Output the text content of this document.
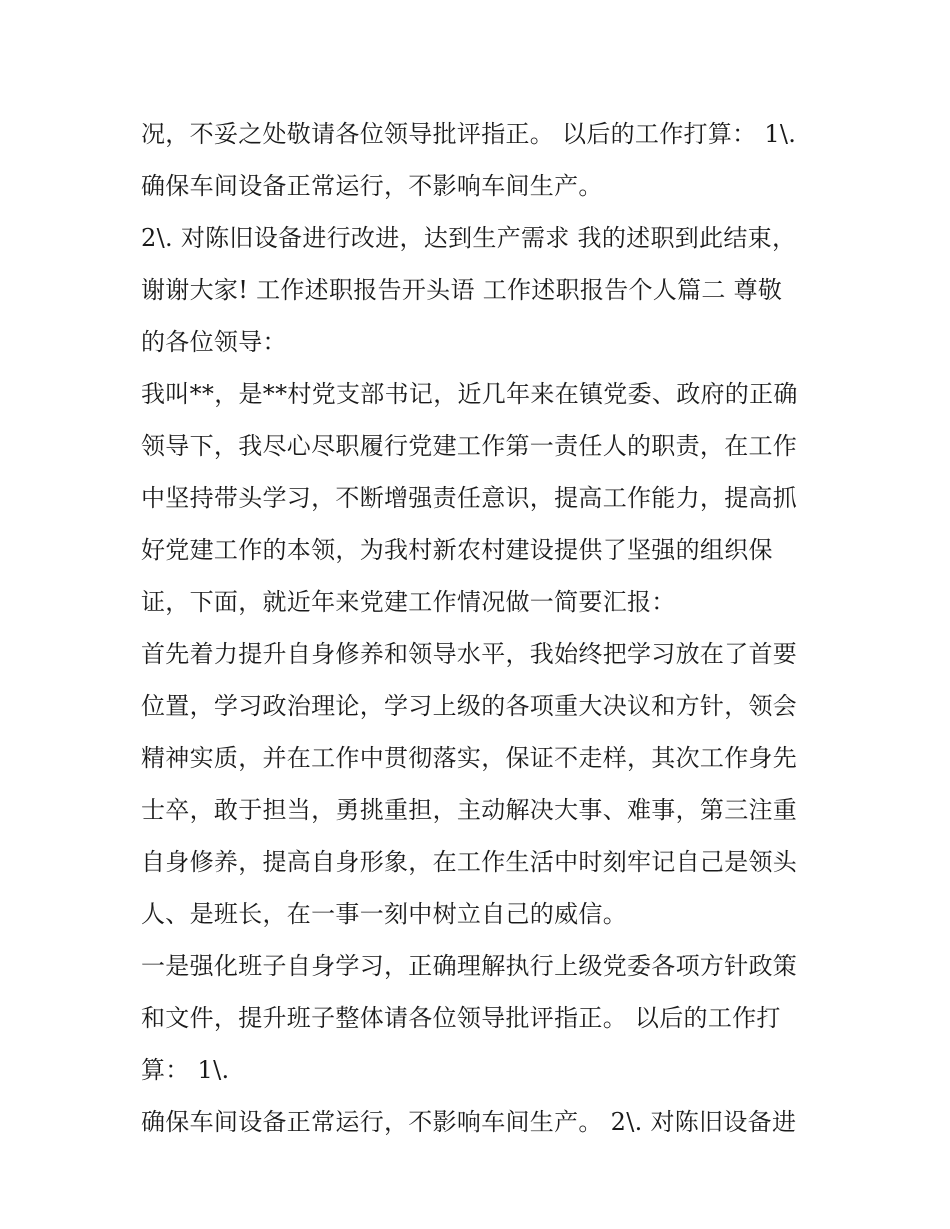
况，不妥之处敬请各位领导批评指正。 以后的工作打算： 1\.
确保车间设备正常运行，不影响车间生产。
2\. 对陈旧设备进行改进，达到生产需求 我的述职到此结束，
谢谢大家! 工作述职报告开头语 工作述职报告个人篇二 尊敬
的各位领导：
我叫**，是**村党支部书记，近几年来在镇党委、政府的正确
领导下，我尽心尽职履行党建工作第一责任人的职责，在工作
中坚持带头学习，不断增强责任意识，提高工作能力，提高抓
好党建工作的本领，为我村新农村建设提供了坚强的组织保
证，下面，就近年来党建工作情况做一简要汇报：
首先着力提升自身修养和领导水平，我始终把学习放在了首要
位置，学习政治理论，学习上级的各项重大决议和方针，领会
精神实质，并在工作中贯彻落实，保证不走样，其次工作身先
士卒，敢于担当，勇挑重担，主动解决大事、难事，第三注重
自身修养，提高自身形象，在工作生活中时刻牢记自己是领头
人、是班长，在一事一刻中树立自己的威信。
一是强化班子自身学习，正确理解执行上级党委各项方针政策
和文件，提升班子整体请各位领导批评指正。 以后的工作打
算： 1\.
确保车间设备正常运行，不影响车间生产。 2\. 对陈旧设备进
